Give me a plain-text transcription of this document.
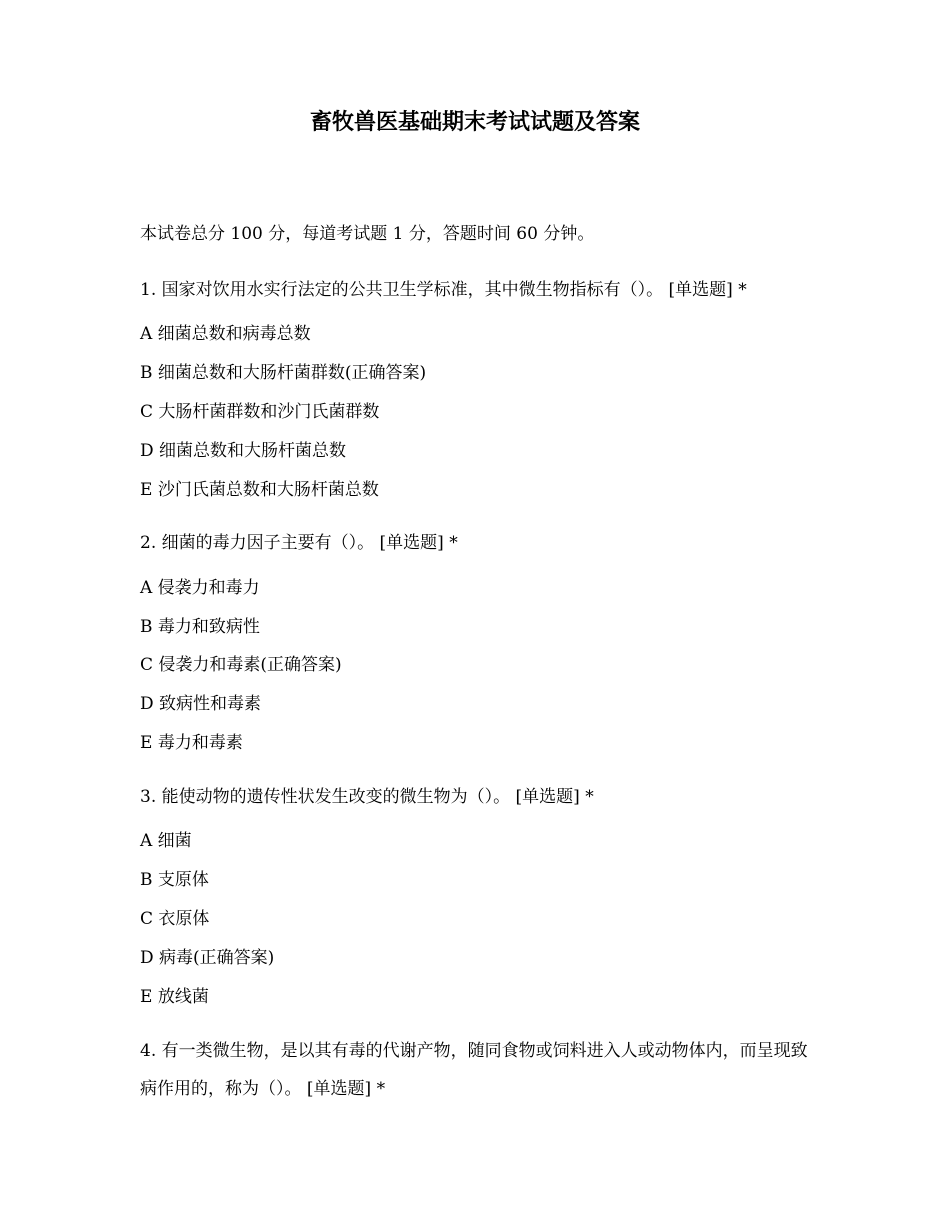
畜牧兽医基础期末考试试题及答案
本试卷总分 100 分，每道考试题 1 分，答题时间 60 分钟。
1. 国家对饮用水实行法定的公共卫生学标准，其中微生物指标有（）。 [单选题] *
A 细菌总数和病毒总数
B 细菌总数和大肠杆菌群数(正确答案)
C 大肠杆菌群数和沙门氏菌群数
D 细菌总数和大肠杆菌总数
E 沙门氏菌总数和大肠杆菌总数
2. 细菌的毒力因子主要有（）。 [单选题] *
A 侵袭力和毒力
B 毒力和致病性
C 侵袭力和毒素(正确答案)
D 致病性和毒素
E 毒力和毒素
3. 能使动物的遗传性状发生改变的微生物为（）。 [单选题] *
A 细菌
B 支原体
C 衣原体
D 病毒(正确答案)
E 放线菌
4. 有一类微生物，是以其有毒的代谢产物，随同食物或饲料进入人或动物体内，而呈现致病作用的，称为（）。 [单选题] *
